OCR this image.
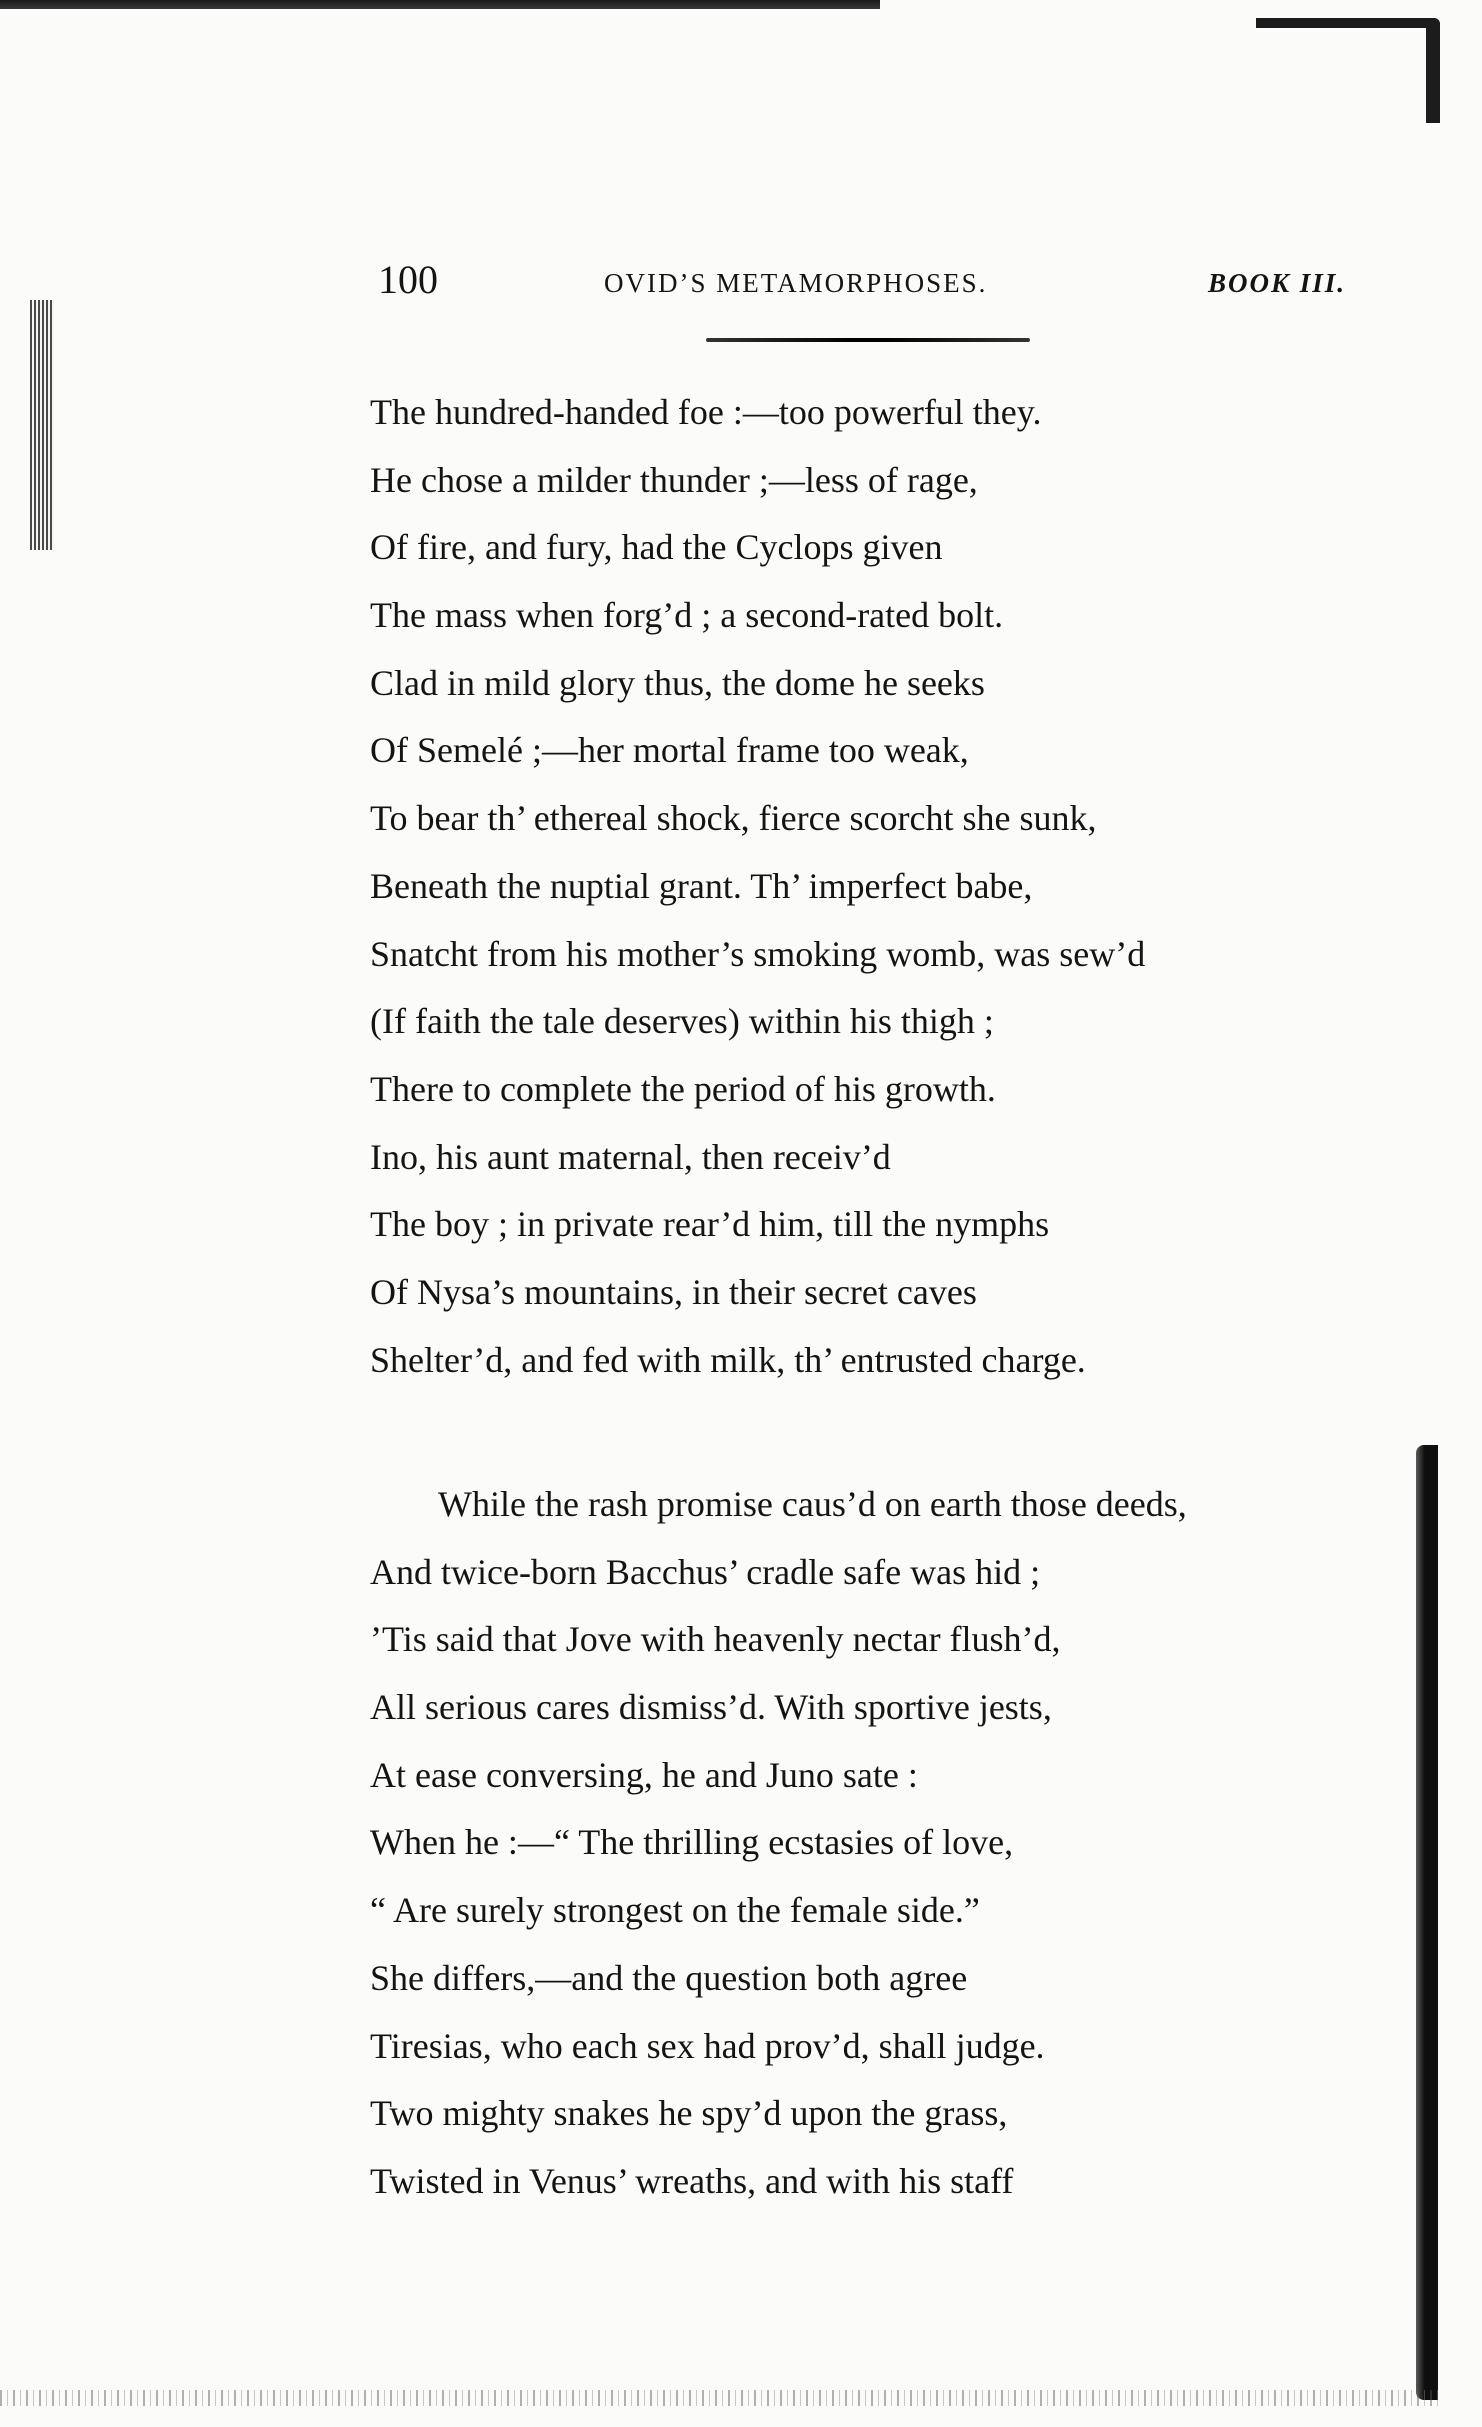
100	OVID’S METAMORPHOSES.	BOOK III.
The hundred-handed foe :—too powerful they.
He chose a milder thunder ;—less of rage,
Of fire, and fury, had the Cyclops given
The mass when forg’d ; a second-rated bolt.
Clad in mild glory thus, the dome he seeks
Of Semelé ;—her mortal frame too weak,
To bear th’ ethereal shock, fierce scorcht she sunk,
Beneath the nuptial grant. Th’ imperfect babe,
Snatcht from his mother’s smoking womb, was sew’d
(If faith the tale deserves) within his thigh ;
There to complete the period of his growth.
Ino, his aunt maternal, then receiv’d
The boy ; in private rear’d him, till the nymphs
Of Nysa’s mountains, in their secret caves
Shelter’d, and fed with milk, th’ entrusted charge.
While the rash promise caus’d on earth those deeds,
And twice-born Bacchus’ cradle safe was hid ;
’Tis said that Jove with heavenly nectar flush’d,
All serious cares dismiss’d. With sportive jests,
At ease conversing, he and Juno sate :
When he :—“ The thrilling ecstasies of love,
“ Are surely strongest on the female side.”
She differs,—and the question both agree
Tiresias, who each sex had prov’d, shall judge.
Two mighty snakes he spy’d upon the grass,
Twisted in Venus’ wreaths, and with his staff
